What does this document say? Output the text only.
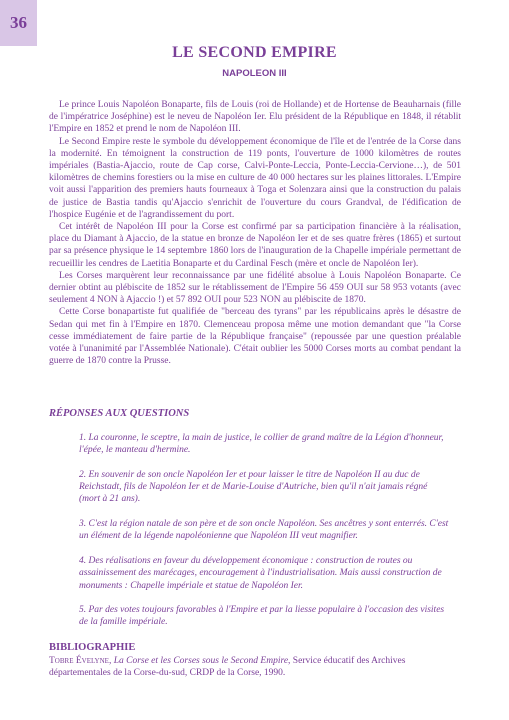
36
LE SECOND EMPIRE
NAPOLEON III

Le prince Louis Napoléon Bonaparte, fils de Louis (roi de Hollande) et de Hortense de Beauharnais (fille de l'impératrice Joséphine) est le neveu de Napoléon Ier. Elu président de la République en 1848, il rétablit l'Empire en 1852 et prend le nom de Napoléon III.

Le Second Empire reste le symbole du développement économique de l'île et de l'entrée de la Corse dans la modernité. En témoignent la construction de 119 ponts, l'ouverture de 1000 kilomètres de routes impériales (Bastia-Ajaccio, route de Cap corse, Calvi-Ponte-Leccia, Ponte-Leccia-Cervione…), de 501 kilomètres de chemins forestiers ou la mise en culture de 40 000 hectares sur les plaines littorales. L'Empire voit aussi l'apparition des premiers hauts fourneaux à Toga et Solenzara ainsi que la construction du palais de justice de Bastia tandis qu'Ajaccio s'enrichit de l'ouverture du cours Grandval, de l'édification de l'hospice Eugénie et de l'agrandissement du port.

Cet intérêt de Napoléon III pour la Corse est confirmé par sa participation financière à la réalisation, place du Diamant à Ajaccio, de la statue en bronze de Napoléon Ier et de ses quatre frères (1865) et surtout par sa présence physique le 14 septembre 1860 lors de l'inauguration de la Chapelle impériale permettant de recueillir les cendres de Laetitia Bonaparte et du Cardinal Fesch (mère et oncle de Napoléon Ier).

Les Corses marquèrent leur reconnaissance par une fidélité absolue à Louis Napoléon Bonaparte. Ce dernier obtint au plébiscite de 1852 sur le rétablissement de l'Empire 56 459 OUI sur 58 953 votants (avec seulement 4 NON à Ajaccio !) et 57 892 OUI pour 523 NON au plébiscite de 1870.

Cette Corse bonapartiste fut qualifiée de "berceau des tyrans" par les républicains après le désastre de Sedan qui met fin à l'Empire en 1870. Clemenceau proposa même une motion demandant que "la Corse cesse immédiatement de faire partie de la République française" (repoussée par une question préalable votée à l'unanimité par l'Assemblée Nationale). C'était oublier les 5000 Corses morts au combat pendant la guerre de 1870 contre la Prusse.

RÉPONSES AUX QUESTIONS

1. La couronne, le sceptre, la main de justice, le collier de grand maître de la Légion d'honneur, l'épée, le manteau d'hermine.

2. En souvenir de son oncle Napoléon Ier et pour laisser le titre de Napoléon II au duc de Reichstadt, fils de Napoléon Ier et de Marie-Louise d'Autriche, bien qu'il n'ait jamais régné (mort à 21 ans).

3. C'est la région natale de son père et de son oncle Napoléon. Ses ancêtres y sont enterrés. C'est un élément de la légende napoléonienne que Napoléon III veut magnifier.

4. Des réalisations en faveur du développement économique : construction de routes ou assainissement des marécages, encouragement à l'industrialisation. Mais aussi construction de monuments : Chapelle impériale et statue de Napoléon Ier.

5. Par des votes toujours favorables à l'Empire et par la liesse populaire à l'occasion des visites de la famille impériale.

BIBLIOGRAPHIE
Tobre Évelyne, La Corse et les Corses sous le Second Empire, Service éducatif des Archives départementales de la Corse-du-sud, CRDP de la Corse, 1990.
